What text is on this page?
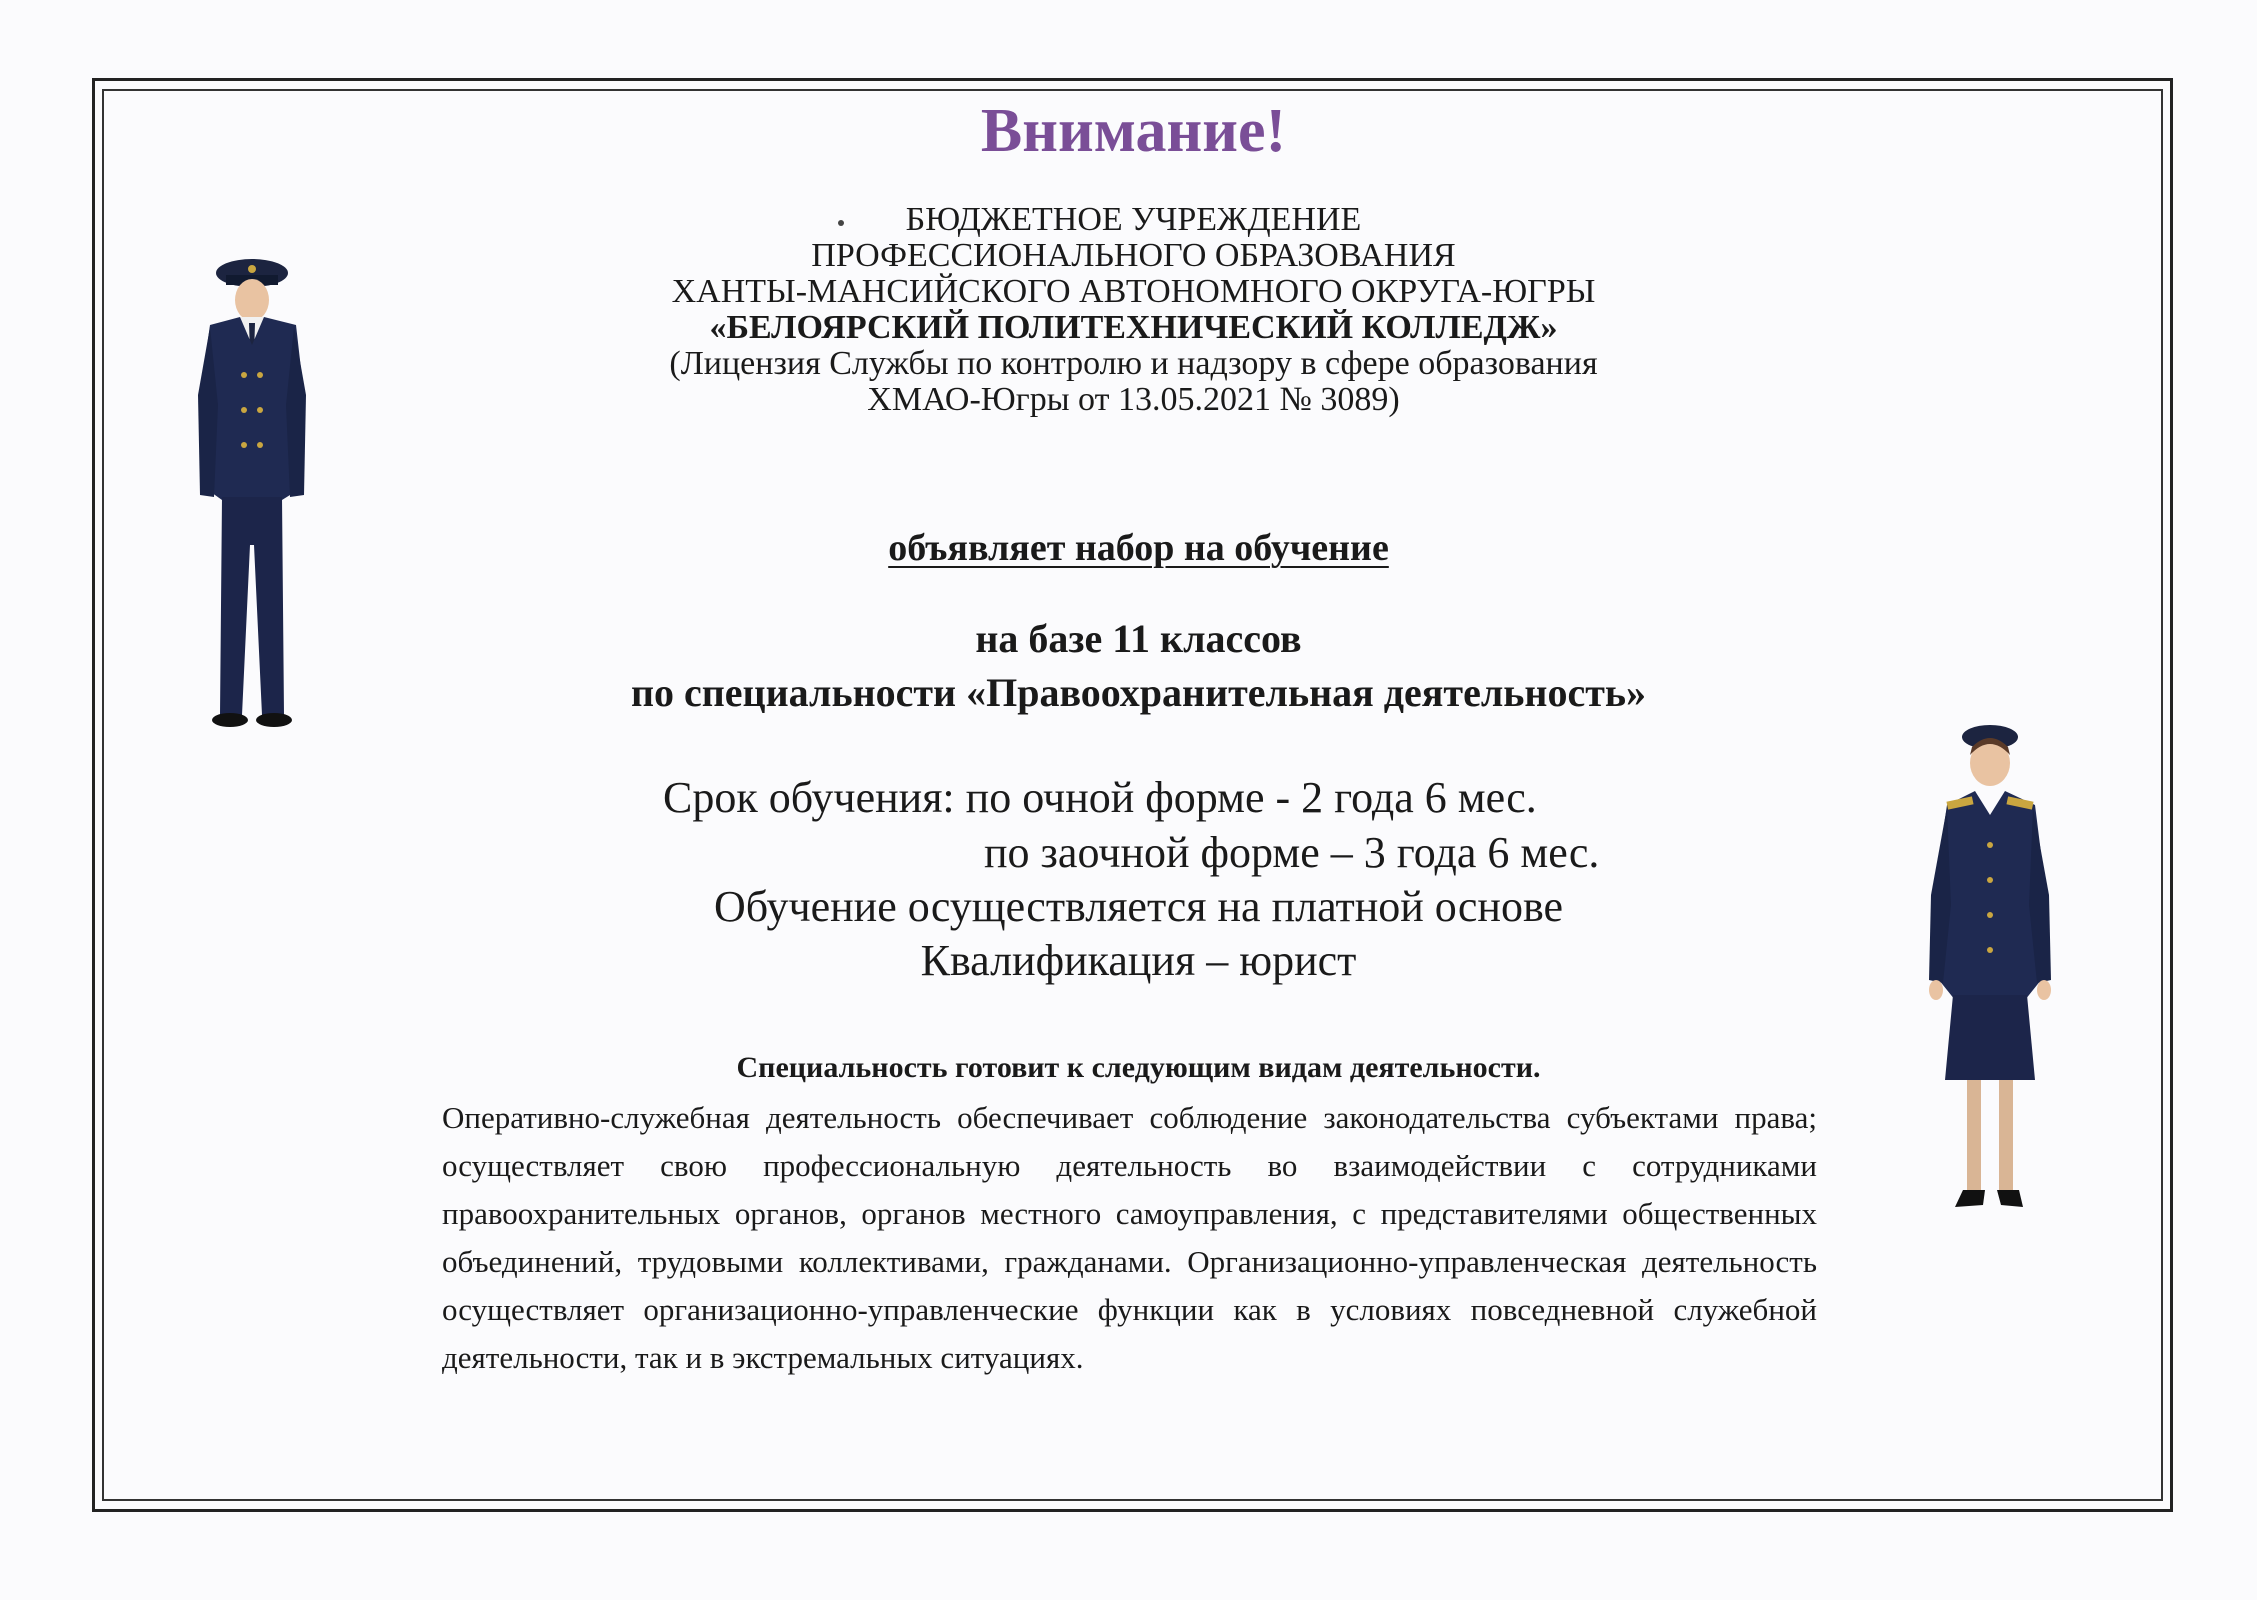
Внимание!
БЮДЖЕТНОЕ УЧРЕЖДЕНИЕ
ПРОФЕССИОНАЛЬНОГО ОБРАЗОВАНИЯ
ХАНТЫ-МАНСИЙСКОГО АВТОНОМНОГО ОКРУГА-ЮГРЫ
«БЕЛОЯРСКИЙ ПОЛИТЕХНИЧЕСКИЙ КОЛЛЕДЖ»
(Лицензия Службы по контролю и надзору в сфере образования
ХМАО-Югры от 13.05.2021 № 3089)
объявляет набор на обучение
на базе 11 классов
по специальности «Правоохранительная деятельность»
Срок обучения: по очной форме - 2 года 6 мес.
по заочной форме – 3 года 6 мес.
Обучение осуществляется на платной основе
Квалификация – юрист
Специальность готовит к следующим видам деятельности.
Оперативно-служебная деятельность обеспечивает соблюдение законодательства субъектами права; осуществляет свою профессиональную деятельность во взаимодействии с сотрудниками правоохранительных органов, органов местного самоуправления, с представителями общественных объединений, трудовыми коллективами, гражданами. Организационно-управленческая деятельность осуществляет организационно-управленческие функции как в условиях повседневной служебной деятельности, так и в экстремальных ситуациях.
